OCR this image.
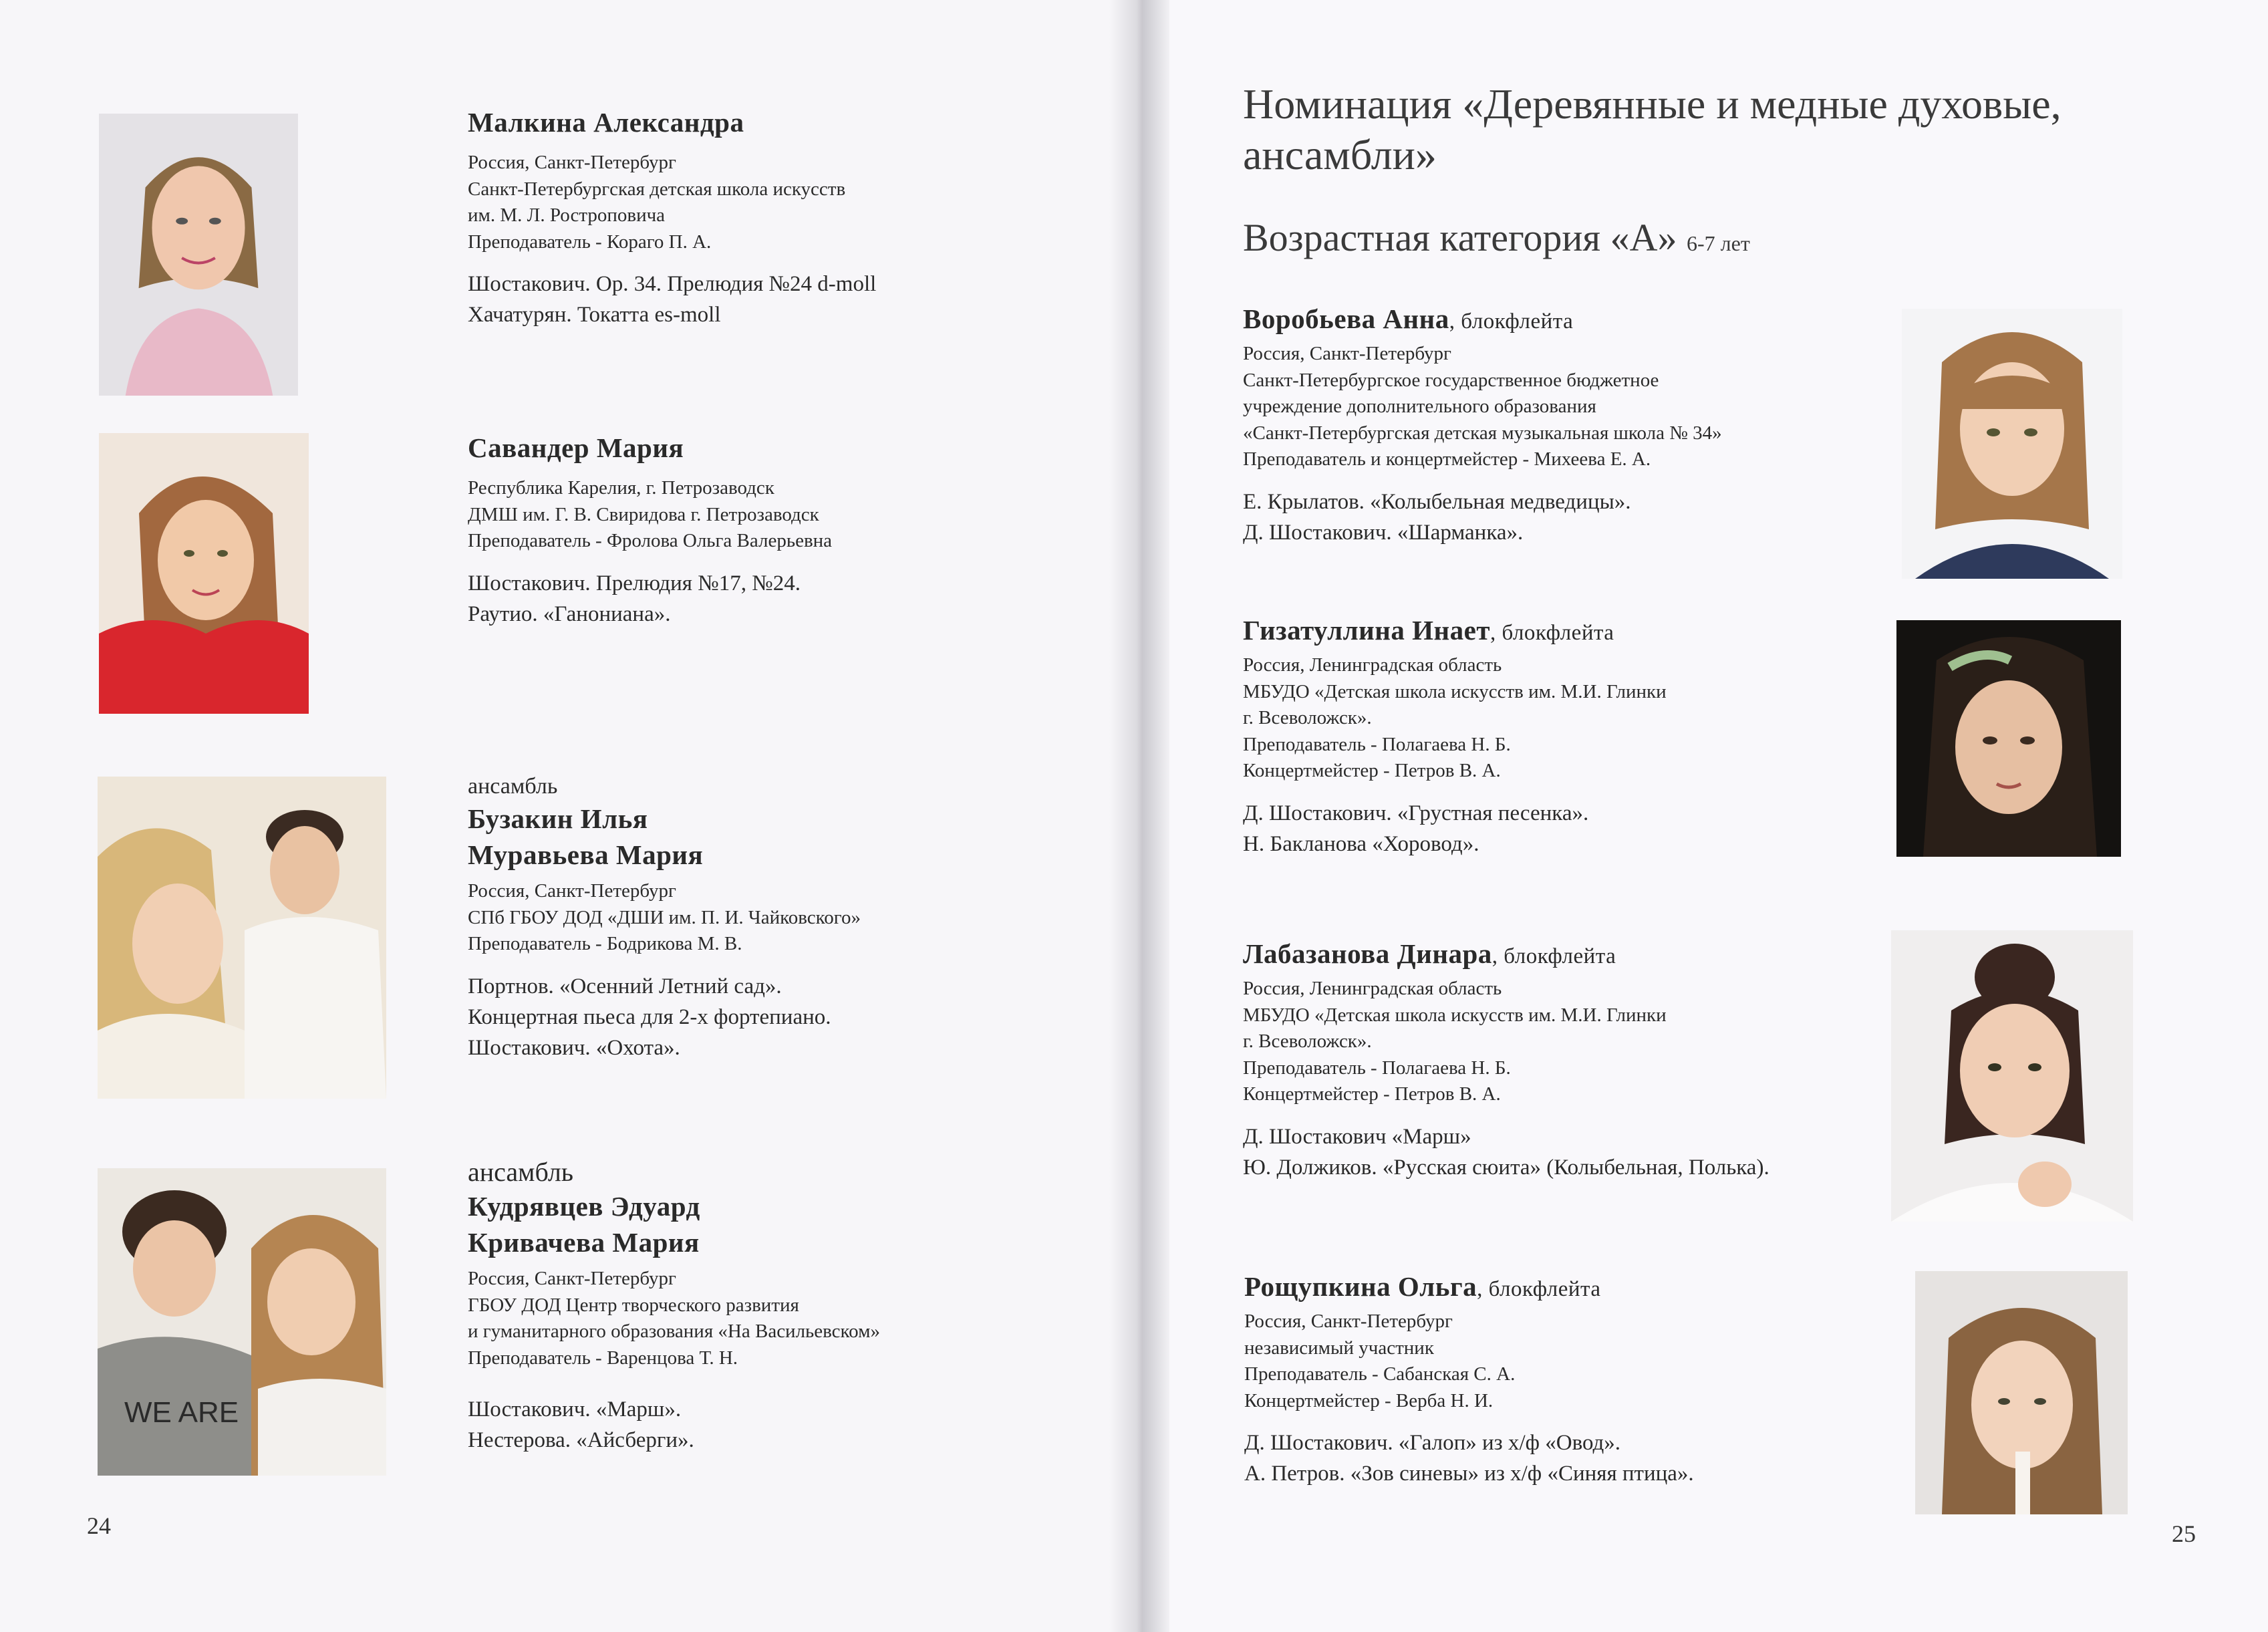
WE ARE
Малкина Александра
Россия, Санкт-Петербург
Санкт-Петербургская детская школа искусств
им. М. Л. Ростроповича
Преподаватель - Кораго П. А.
Шостакович. Ор. 34. Прелюдия №24 d-moll
Хачатурян. Токатта es-moll
Савандер Мария
Республика Карелия, г. Петрозаводск
ДМШ им. Г. В. Свиридова г. Петрозаводск
Преподаватель - Фролова Ольга Валерьевна
Шостакович. Прелюдия №17, №24.
Раутио. «Ганониана».
ансамбль
Бузакин Илья
Муравьева Мария
Россия, Санкт-Петербург
СПб ГБОУ ДОД «ДШИ им. П. И. Чайковского»
Преподаватель - Бодрикова М. В.
Портнов. «Осенний Летний сад».
Концертная пьеса для 2-х фортепиано.
Шостакович. «Охота».
ансамбль
Кудрявцев Эдуард
Кривачева Мария
Россия, Санкт-Петербург
ГБОУ ДОД Центр творческого развития
и гуманитарного образования «На Васильевском»
Преподаватель - Варенцова Т. Н.
Шостакович. «Марш».
Нестерова. «Айсберги».
24
Номинация «Деревянные и медные духовые, ансамбли»
Возрастная категория «А» 6-7 лет
Воробьева Анна, блокфлейта
Россия, Санкт-Петербург
Санкт-Петербургское государственное бюджетное
учреждение дополнительного образования
«Санкт-Петербургская детская музыкальная школа № 34»
Преподаватель и концертмейстер - Михеева Е. А.
Е. Крылатов. «Колыбельная медведицы».
Д. Шостакович. «Шарманка».
Гизатуллина Инает, блокфлейта
Россия, Ленинградская область
МБУДО «Детская школа искусств им. М.И. Глинки
г. Всеволожск».
Преподаватель - Полагаева Н. Б.
Концертмейстер - Петров В. А.
Д. Шостакович. «Грустная песенка».
Н. Бакланова «Хоровод».
Лабазанова Динара, блокфлейта
Россия, Ленинградская область
МБУДО «Детская школа искусств им. М.И. Глинки
г. Всеволожск».
Преподаватель - Полагаева Н. Б.
Концертмейстер - Петров В. А.
Д. Шостакович «Марш»
Ю. Должиков. «Русская сюита» (Колыбельная, Полька).
Рощупкина Ольга, блокфлейта
Россия, Санкт-Петербург
независимый участник
Преподаватель - Сабанская С. А.
Концертмейстер - Верба Н. И.
Д. Шостакович. «Галоп» из х/ф «Овод».
А. Петров. «Зов синевы» из х/ф «Синяя птица».
25
